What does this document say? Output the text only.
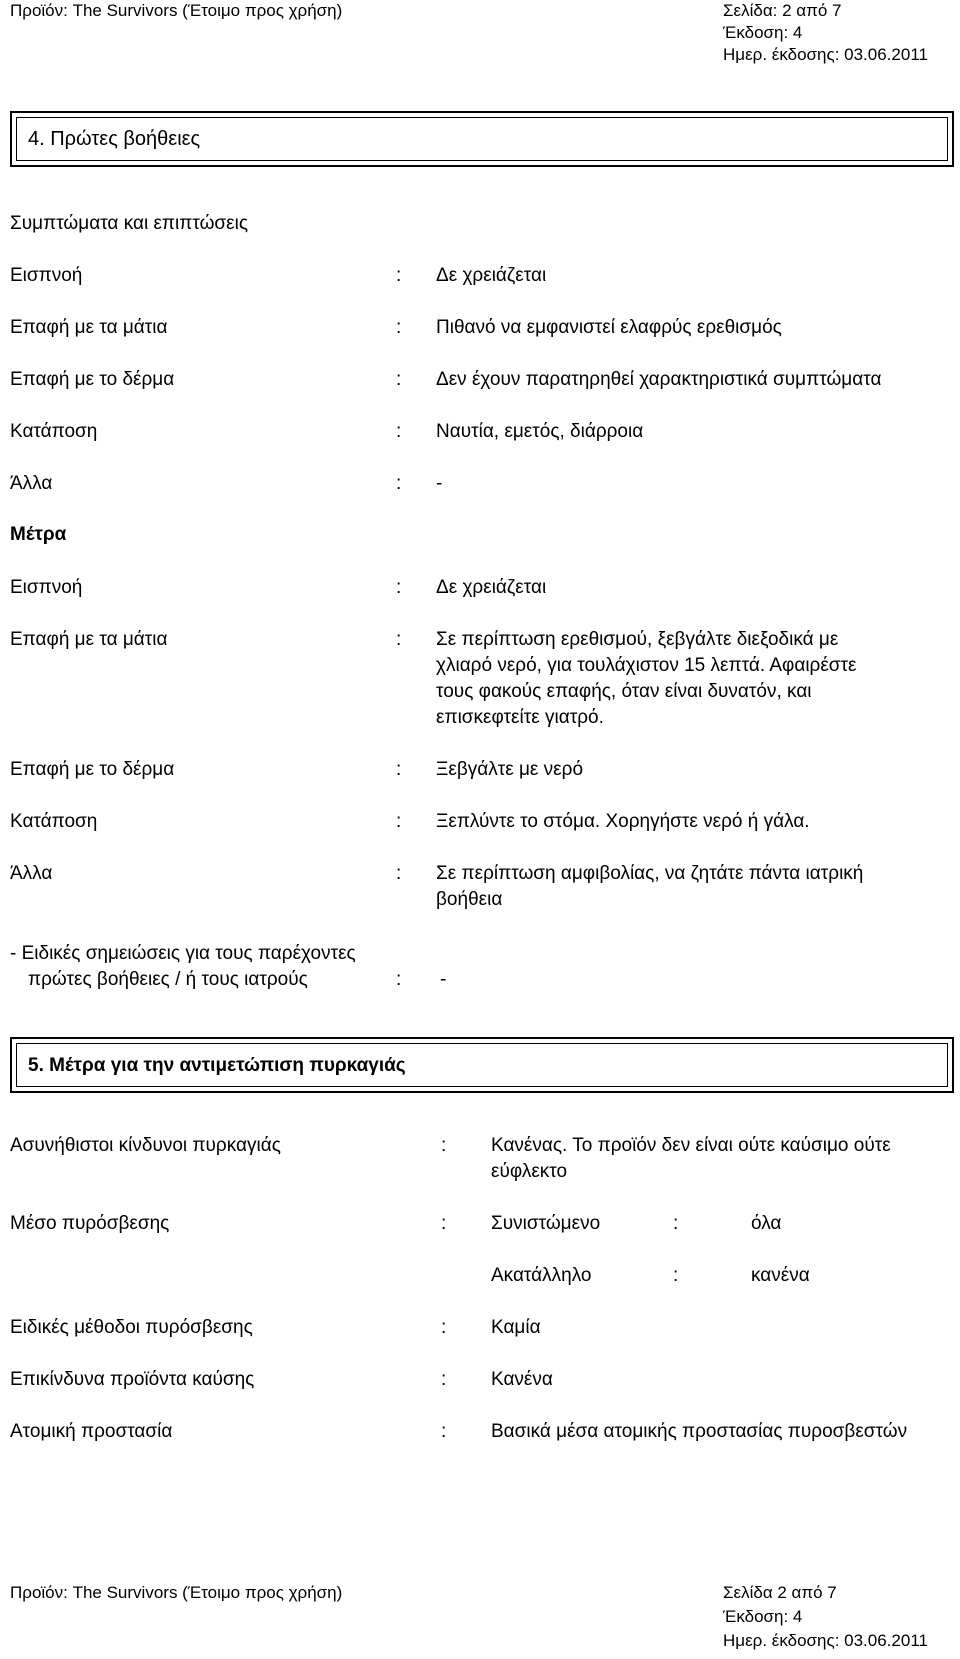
Προϊόν: The Survivors (Έτοιμο προς χρήση)	Σελίδα: 2 από 7
Έκδοση: 4
Ημερ. έκδοσης: 03.06.2011
4. Πρώτες βοήθειες
Συμπτώματα και επιπτώσεις
Εισπνοή	: Δε χρειάζεται
Επαφή με τα μάτια	: Πιθανό να εμφανιστεί ελαφρύς ερεθισμός
Επαφή με το δέρμα	: Δεν έχουν παρατηρηθεί χαρακτηριστικά συμπτώματα
Κατάποση	: Ναυτία, εμετός, διάρροια
Άλλα	: -
Μέτρα
Εισπνοή	: Δε χρειάζεται
Επαφή με τα μάτια	: Σε περίπτωση ερεθισμού, ξεβγάλτε διεξοδικά με
χλιαρό νερό, για τουλάχιστον 15 λεπτά. Αφαιρέστε
τους φακούς επαφής, όταν είναι δυνατόν, και
επισκεφτείτε γιατρό.
Επαφή με το δέρμα	: Ξεβγάλτε με νερό
Κατάποση	: Ξεπλύντε το στόμα. Χορηγήστε νερό ή γάλα.
Άλλα	: Σε περίπτωση αμφιβολίας, να ζητάτε πάντα ιατρική
βοήθεια
- Ειδικές σημειώσεις για τους παρέχοντες
πρώτες βοήθειες / ή τους ιατρούς	: -
5. Μέτρα για την αντιμετώπιση πυρκαγιάς
Ασυνήθιστοι κίνδυνοι πυρκαγιάς	: Κανένας. Το προϊόν δεν είναι ούτε καύσιμο ούτε
εύφλεκτο
Μέσο πυρόσβεσης	: Συνιστώμενο	:	όλα
Ακατάλληλο	:	κανένα
Ειδικές μέθοδοι πυρόσβεσης	: Καμία
Επικίνδυνα προϊόντα καύσης	: Κανένα
Ατομική προστασία	: Βασικά μέσα ατομικής προστασίας πυροσβεστών
Προϊόν: The Survivors (Έτοιμο προς χρήση)	Σελίδα 2 από 7
Έκδοση: 4
Ημερ. έκδοσης: 03.06.2011
